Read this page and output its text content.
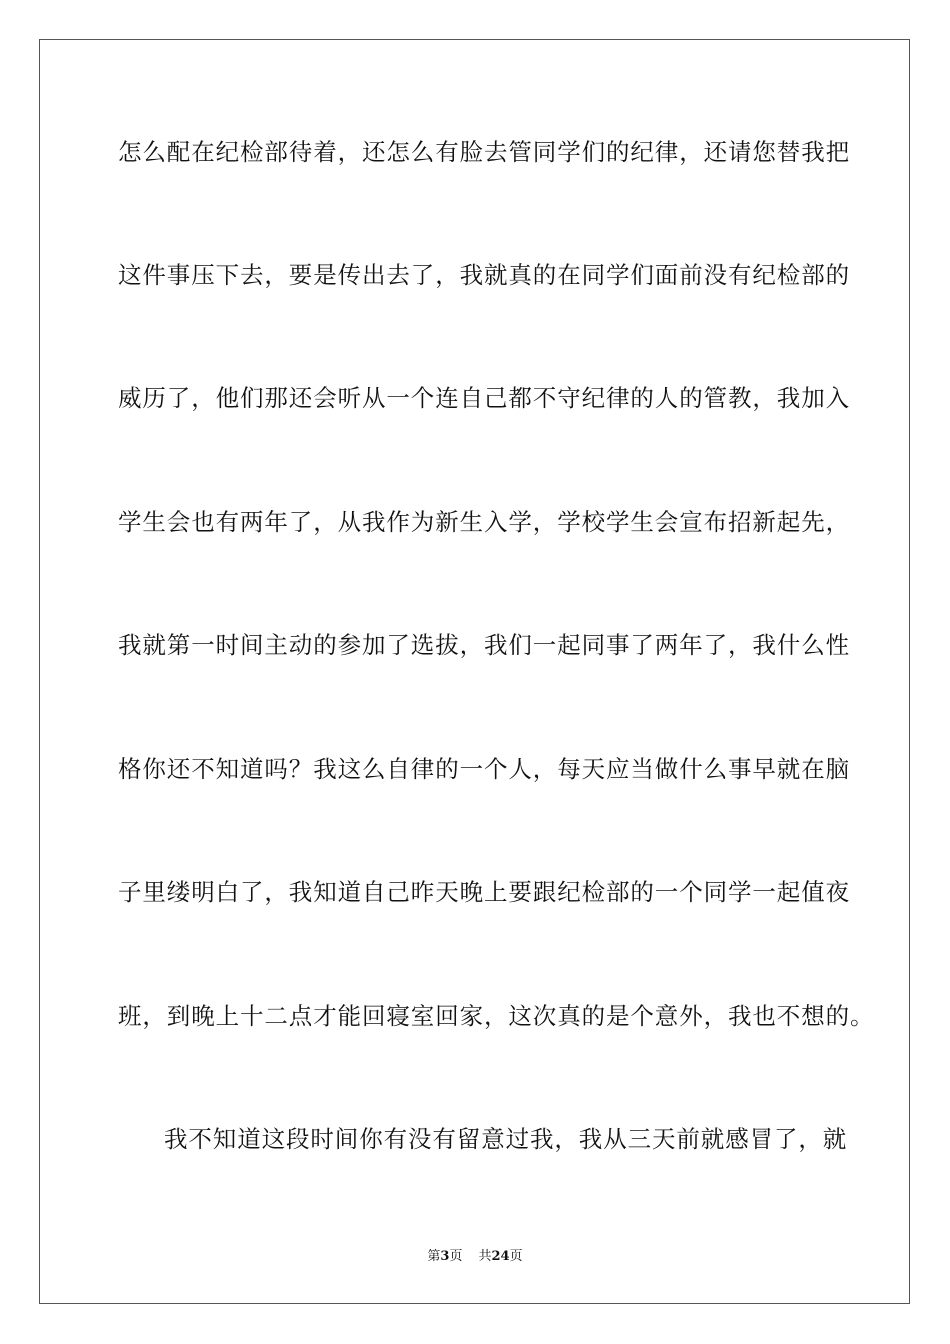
怎么配在纪检部待着，还怎么有脸去管同学们的纪律，还请您替我把
这件事压下去，要是传出去了，我就真的在同学们面前没有纪检部的
威历了，他们那还会听从一个连自己都不守纪律的人的管教，我加入
学生会也有两年了，从我作为新生入学，学校学生会宣布招新起先，
我就第一时间主动的参加了选拔，我们一起同事了两年了，我什么性
格你还不知道吗？我这么自律的一个人，每天应当做什么事早就在脑
子里缕明白了，我知道自己昨天晚上要跟纪检部的一个同学一起值夜
班，到晚上十二点才能回寝室回家，这次真的是个意外，我也不想的。
我不知道这段时间你有没有留意过我，我从三天前就感冒了，就
第3页 共24页
